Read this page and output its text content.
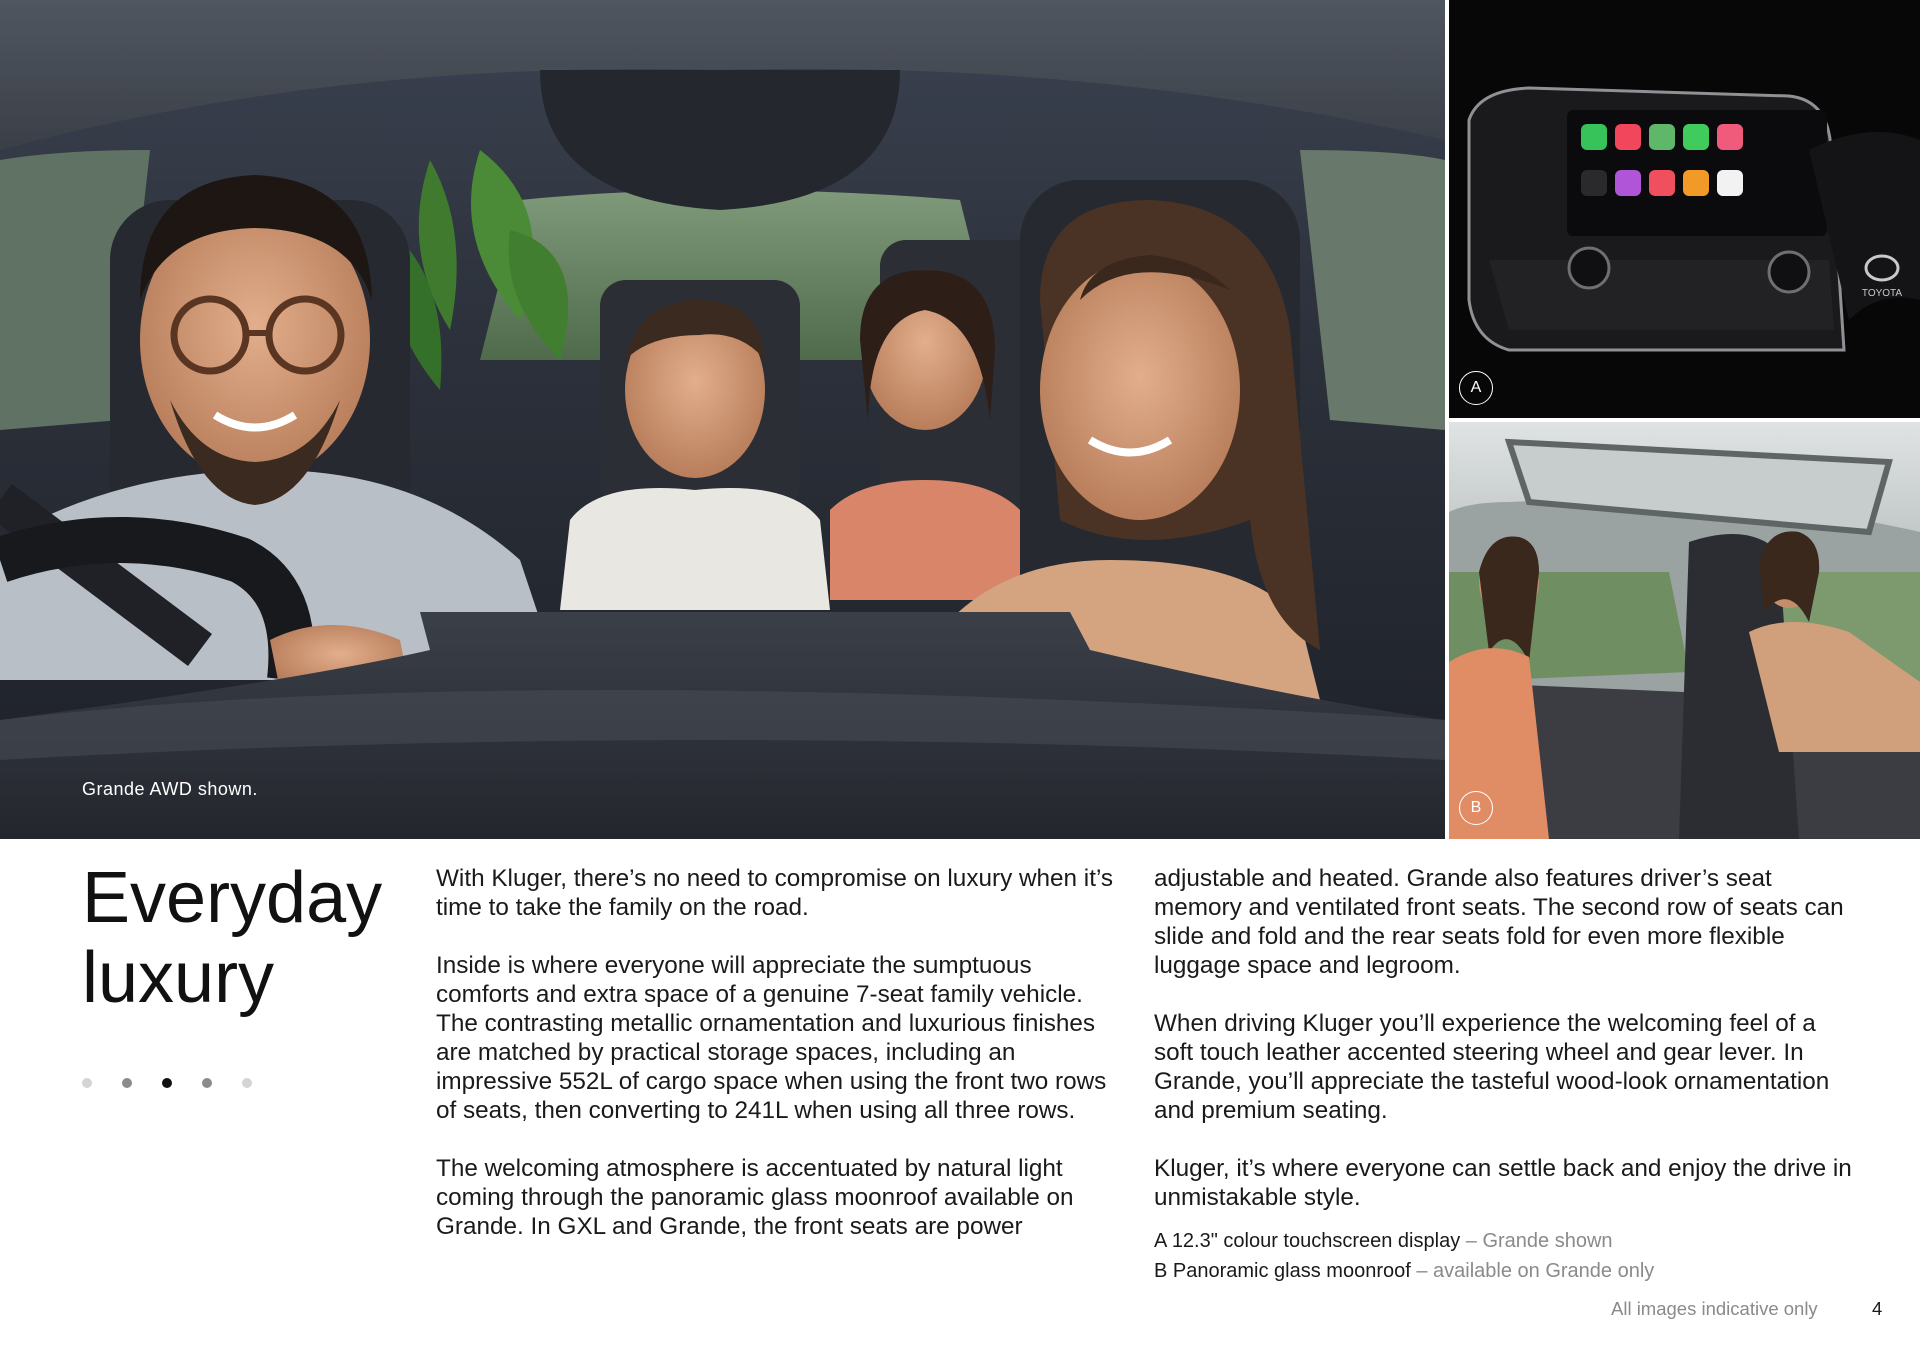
Grande AWD shown.
TOYOTA
A
B
Everyday
luxury

With Kluger, there’s no need to compromise on luxury when it’s time to take the family on the road.

Inside is where everyone will appreciate the sumptuous comforts and extra space of a genuine 7-seat family vehicle. The contrasting metallic ornamentation and luxurious finishes are matched by practical storage spaces, including an impressive 552L of cargo space when using the front two rows of seats, then converting to 241L when using all three rows.

The welcoming atmosphere is accentuated by natural light coming through the panoramic glass moonroof available on Grande. In GXL and Grande, the front seats are power

adjustable and heated. Grande also features driver’s seat memory and ventilated front seats. The second row of seats can slide and fold and the rear seats fold for even more flexible luggage space and legroom.

When driving Kluger you’ll experience the welcoming feel of a soft touch leather accented steering wheel and gear lever. In Grande, you’ll appreciate the tasteful wood-look ornamentation and premium seating.

Kluger, it’s where everyone can settle back and enjoy the drive in unmistakable style.

A 12.3" colour touchscreen display – Grande shown
B Panoramic glass moonroof – available on Grande only
All images indicative only	4
